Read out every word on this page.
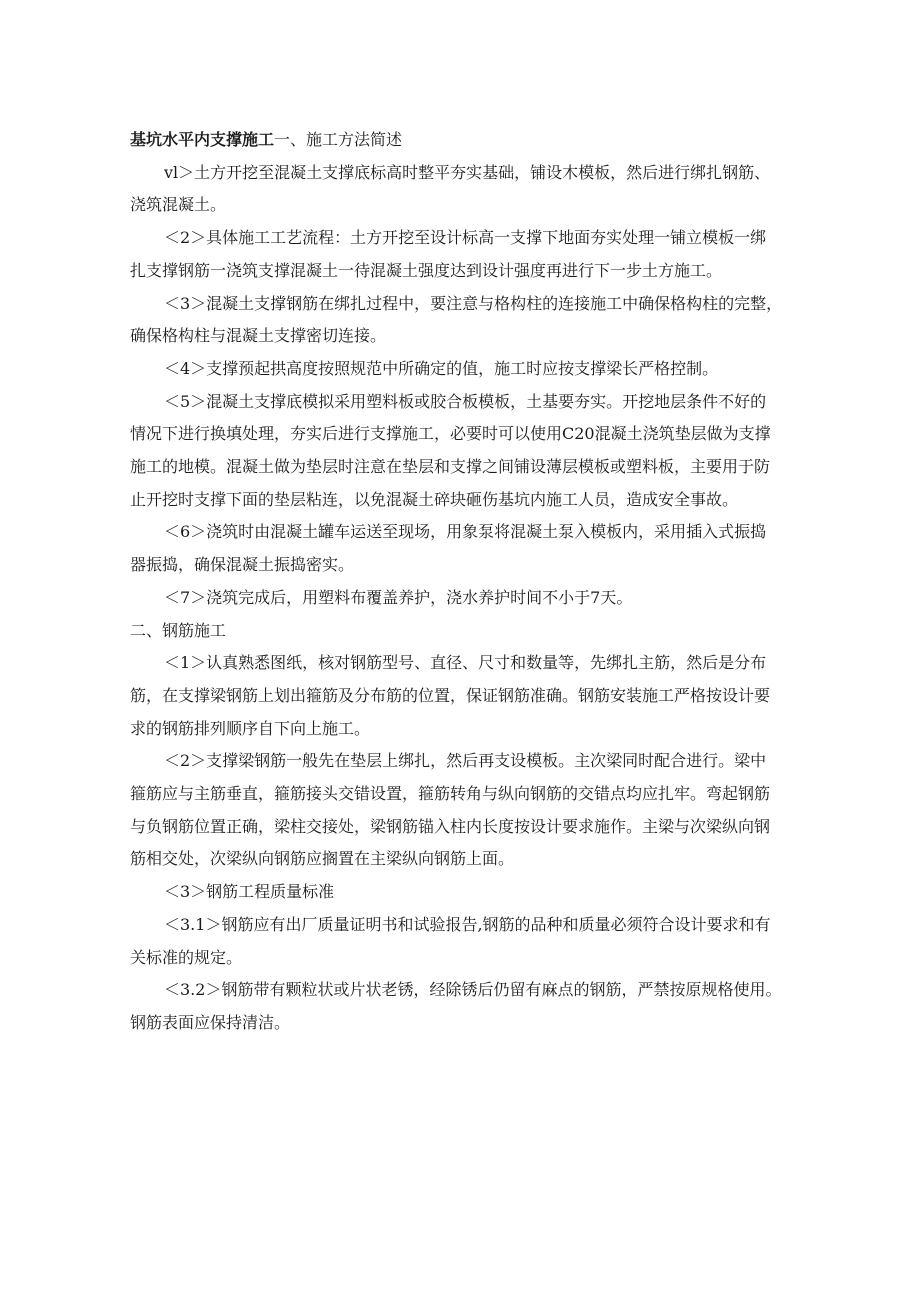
基坑水平内支撑施工一、施工方法简述

vl＞土方开挖至混凝土支撑底标高时整平夯实基础，铺设木模板，然后进行绑扎钢筋、

浇筑混凝土。

＜2＞具体施工工艺流程：土方开挖至设计标高一支撑下地面夯实处理一铺立模板一绑

扎支撑钢筋一浇筑支撑混凝土一待混凝土强度达到设计强度再进行下一步土方施工。

＜3＞混凝土支撑钢筋在绑扎过程中，要注意与格构柱的连接施工中确保格构柱的完整，

确保格构柱与混凝土支撑密切连接。

＜4＞支撑预起拱高度按照规范中所确定的值，施工时应按支撑梁长严格控制。

＜5＞混凝土支撑底模拟采用塑料板或胶合板模板，土基要夯实。开挖地层条件不好的

情况下进行换填处理，夯实后进行支撑施工，必要时可以使用C20混凝土浇筑垫层做为支撑

施工的地模。混凝土做为垫层时注意在垫层和支撑之间铺设薄层模板或塑料板，主要用于防

止开挖时支撑下面的垫层粘连，以免混凝土碎块砸伤基坑内施工人员，造成安全事故。

＜6＞浇筑时由混凝土罐车运送至现场，用象泵将混凝土泵入模板内，采用插入式振捣

器振捣，确保混凝土振捣密实。

＜7＞浇筑完成后，用塑料布覆盖养护，浇水养护时间不小于7天。

二、钢筋施工

＜1＞认真熟悉图纸，核对钢筋型号、直径、尺寸和数量等，先绑扎主筋，然后是分布

筋，在支撑梁钢筋上划出箍筋及分布筋的位置，保证钢筋准确。钢筋安装施工严格按设计要

求的钢筋排列顺序自下向上施工。

＜2＞支撑梁钢筋一般先在垫层上绑扎，然后再支设模板。主次梁同时配合进行。梁中

箍筋应与主筋垂直，箍筋接头交错设置，箍筋转角与纵向钢筋的交错点均应扎牢。弯起钢筋

与负钢筋位置正确，梁柱交接处，梁钢筋锚入柱内长度按设计要求施作。主梁与次梁纵向钢

筋相交处，次梁纵向钢筋应搁置在主梁纵向钢筋上面。

＜3＞钢筋工程质量标准

＜3.1＞钢筋应有出厂质量证明书和试验报告,钢筋的品种和质量必须符合设计要求和有

关标准的规定。

＜3.2＞钢筋带有颗粒状或片状老锈，经除锈后仍留有麻点的钢筋，严禁按原规格使用。

钢筋表面应保持清洁。
